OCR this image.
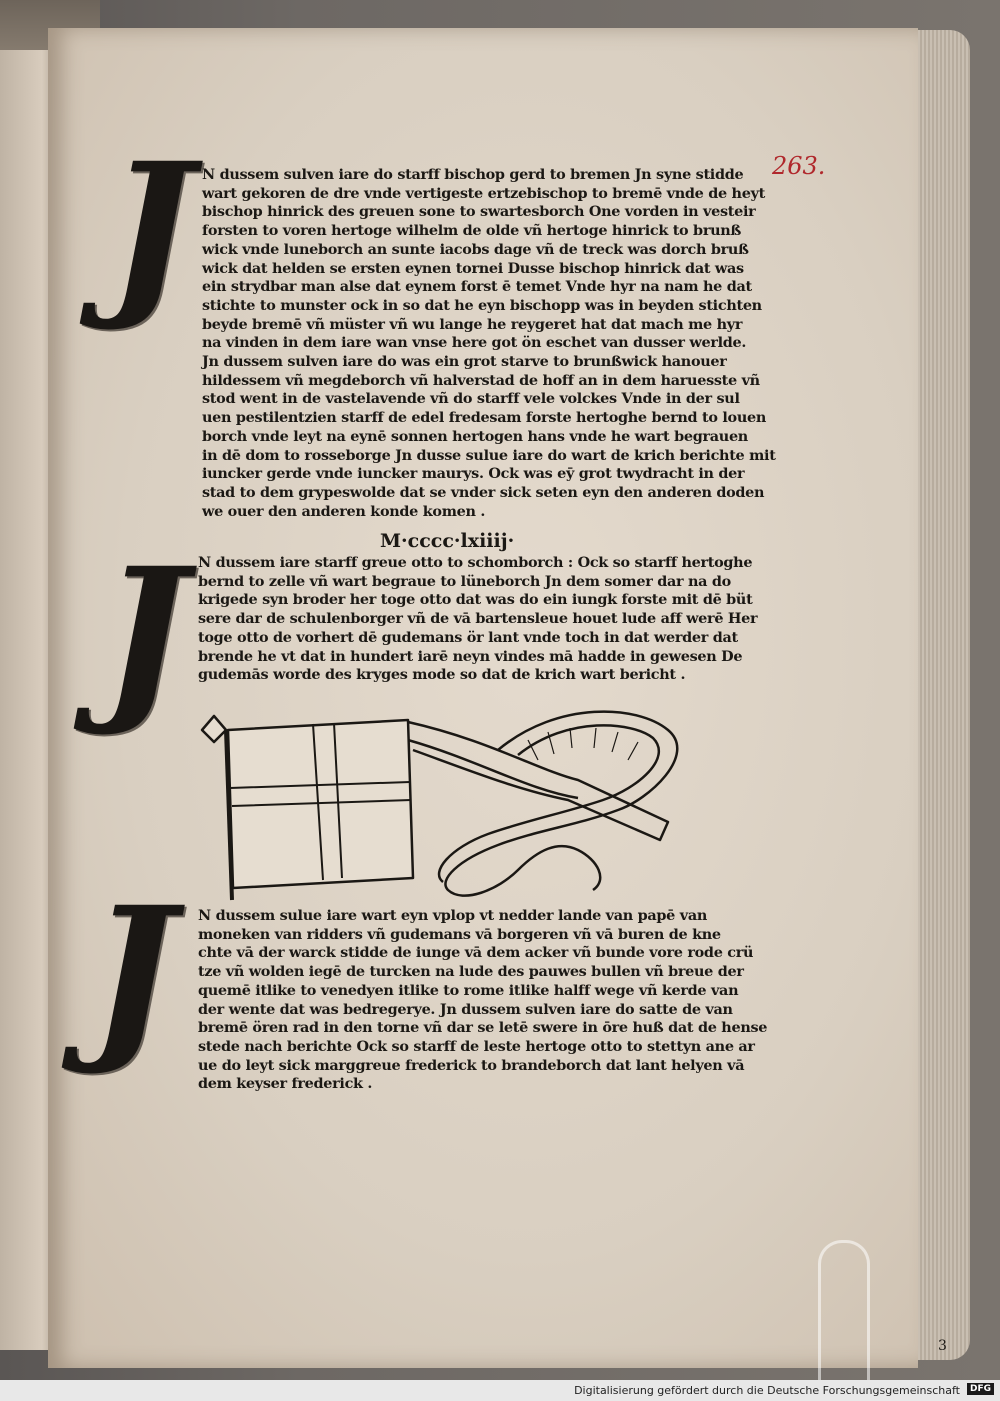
263.
J N dussem sulven iare do starff bischop gerd to bremen Jn syne stidde
wart gekoren de dre vnde vertigeste ertzebischop to bremē vnde de heyt
bischop hinrick des greuen sone to swartesborch One vorden in vesteir
forsten to voren hertoge wilhelm de olde vñ hertoge hinrick to brunß
wick vnde luneborch an sunte iacobs dage vñ de treck was dorch bruß
wick dat helden se ersten eynen tornei Dusse bischop hinrick dat was
ein strydbar man alse dat eynem forst ē temet Vnde hyr na nam he dat
stichte to munster ock in so dat he eyn bischopp was in beyden stichten
beyde bremē vñ müster vñ wu lange he reygeret hat dat mach me hyr
na vinden in dem iare wan vnse here got ön eschet van dusser werlde.
Jn dussem sulven iare do was ein grot starve to brunßwick hanouer
hildessem vñ megdeborch vñ halverstad de hoff an in dem haruesste vñ
stod went in de vastelavende vñ do starff vele volckes Vnde in der sul
uen pestilentzien starff de edel fredesam forste hertoghe bernd to louen
borch vnde leyt na eynē sonnen hertogen hans vnde he wart begrauen
in dē dom to rosseborge Jn dusse sulue iare do wart de krich berichte mit
iuncker gerde vnde iuncker maurys. Ock was eȳ grot twydracht in der
stad to dem grypeswolde dat se vnder sick seten eyn den anderen doden
we ouer den anderen konde komen .
M·cccc·lxiiij·
J N dussem iare starff greue otto to schomborch : Ock so starff hertoghe
bernd to zelle vñ wart begraue to lüneborch Jn dem somer dar na do
krigede syn broder her toge otto dat was do ein iungk forste mit dē büt
sere dar de schulenborger vñ de vā bartensleue houet lude aff werē Her
toge otto de vorhert dē gudemans ör lant vnde toch in dat werder dat
brende he vt dat in hundert iarē neyn vindes mā hadde in gewesen De
gudemās worde des kryges mode so dat de krich wart bericht .
J N dussem sulue iare wart eyn vplop vt nedder lande van papē van
moneken van ridders vñ gudemans vā borgeren vñ vā buren de kne
chte vā der warck stidde de iunge vā dem acker vñ bunde vore rode crü
tze vñ wolden iegē de turcken na lude des pauwes bullen vñ breue der
quemē itlike to venedyen itlike to rome itlike halff wege vñ kerde van
der wente dat was bedregerye. Jn dussem sulven iare do satte de van
bremē ören rad in den torne vñ dar se letē swere in ōre huß dat de hense
stede nach berichte Ock so starff de leste hertoge otto to stettyn ane ar
ue do leyt sick marggreue frederick to brandeborch dat lant helyen vā
dem keyser frederick .
3
Digitalisierung gefördert durch die Deutsche Forschungsgemeinschaft	DFG
